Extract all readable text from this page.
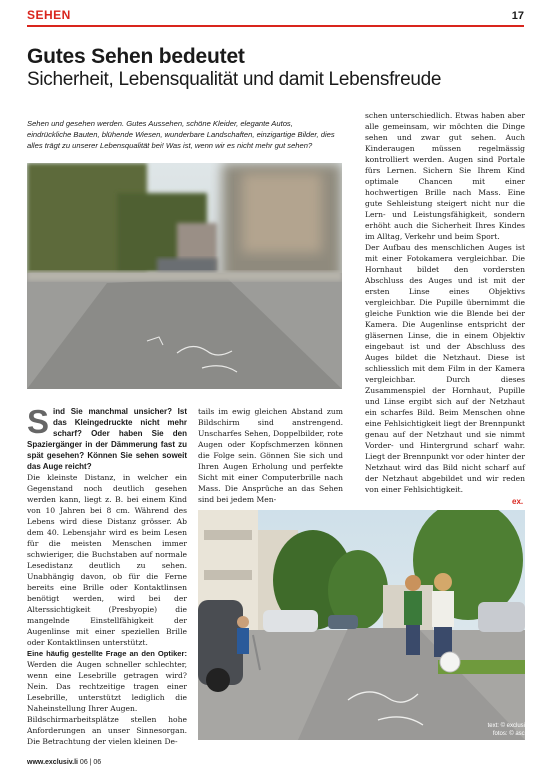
SEHEN	17
Gutes Sehen bedeutet
Sicherheit, Lebensqualität und damit Lebensfreude
Sehen und gesehen werden. Gutes Aussehen, schöne Kleider, elegante Autos, eindrückliche Bauten, blühende Wiesen, wunderbare Landschaften, einzigartige Bilder, dies alles trägt zu unserer Lebensqualität bei! Was ist, wenn wir es nicht mehr gut sehen?
Sind Sie manchmal unsicher? Ist das Kleingedruckte nicht mehr scharf? Oder haben Sie den Spaziergänger in der Dämmerung fast zu spät gesehen? Können Sie sehen soweit das Auge reicht?
Die kleinste Distanz, in welcher ein Gegenstand noch deutlich gesehen werden kann, liegt z. B. bei einem Kind von 10 Jahren bei 8 cm. Während des Lebens wird diese Distanz grösser. Ab dem 40. Lebensjahr wird es beim Lesen für die meisten Menschen immer schwieriger, die Buchstaben auf normale Lesedistanz deutlich zu sehen. Unabhängig davon, ob für die Ferne bereits eine Brille oder Kontaktlinsen benötigt werden, wird bei der Alterssichtigkeit (Presbyopie) die mangelnde Einstellfähigkeit der Augenlinse mit einer speziellen Brille oder Kontaktlinsen unterstützt.
Eine häufig gestellte Frage an den Optiker: Werden die Augen schneller schlechter, wenn eine Lesebrille getragen wird? Nein. Das rechtzeitige tragen einer Lesebrille, unterstützt lediglich die Naheinstellung Ihrer Augen.
Bildschirmarbeitsplätze stellen hohe Anforderungen an unser Sinnesorgan. Die Betrachtung der vielen kleinen De-
tails im ewig gleichen Abstand zum Bildschirm sind anstrengend. Unscharfes Sehen, Doppelbilder, rote Augen oder Kopfschmerzen können die Folge sein. Gönnen Sie sich und Ihren Augen Erholung und perfekte Sicht mit einer Computerbrille nach Mass. Die Ansprüche an das Sehen sind bei jedem Men-
schen unterschiedlich. Etwas haben aber alle gemeinsam, wir möchten die Dinge sehen und zwar gut sehen. Auch Kinderaugen müssen regelmässig kontrolliert werden. Augen sind Portale fürs Lernen. Sichern Sie Ihrem Kind optimale Chancen mit einer hochwertigen Brille nach Mass. Eine gute Sehleistung steigert nicht nur die Lern- und Leistungsfähigkeit, sondern erhöht auch die Sicherheit Ihres Kindes im Alltag, Verkehr und beim Sport.
Der Aufbau des menschlichen Auges ist mit einer Fotokamera vergleichbar. Die Hornhaut bildet den vordersten Abschluss des Auges und ist mit der ersten Linse eines Objektivs vergleichbar. Die Pupille übernimmt die gleiche Funktion wie die Blende bei der Kamera. Die Augenlinse entspricht der gläsernen Linse, die in einem Objektiv eingebaut ist und der Abschluss des Auges bildet die Netzhaut. Diese ist schliesslich mit dem Film in der Kamera vergleichbar. Durch dieses Zusammenspiel der Hornhaut, Pupille und Linse ergibt sich auf der Netzhaut ein scharfes Bild. Beim Menschen ohne eine Fehlsichtigkeit liegt der Brennpunkt genau auf der Netzhaut und sie nimmt Vorder- und Hintergrund scharf wahr. Liegt der Brennpunkt vor oder hinter der Netzhaut wird das Bild nicht scharf auf der Netzhaut abgebildet und wir reden von einer Fehlsichtigkeit.
ex.
text: © exclusiv
fotos: © asch
www.exclusiv.li 06 | 06
